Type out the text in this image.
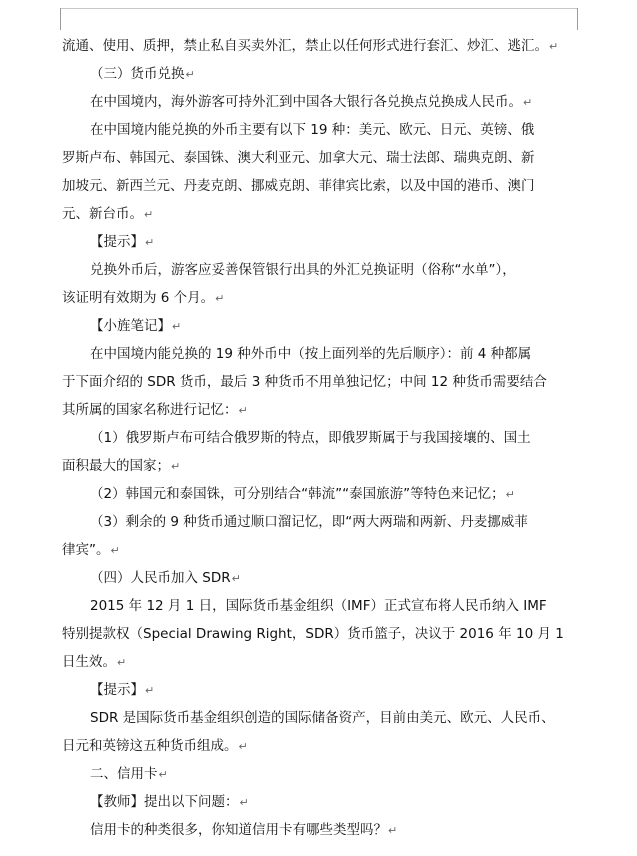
流通、使用、质押，禁止私自买卖外汇，禁止以任何形式进行套汇、炒汇、逃汇。↵
（三）货币兑换↵
在中国境内，海外游客可持外汇到中国各大银行各兑换点兑换成人民币。↵
在中国境内能兑换的外币主要有以下 19 种：美元、欧元、日元、英镑、俄
罗斯卢布、韩国元、泰国铢、澳大利亚元、加拿大元、瑞士法郎、瑞典克朗、新
加坡元、新西兰元、丹麦克朗、挪威克朗、菲律宾比索，以及中国的港币、澳门
元、新台币。↵
【提示】↵
兑换外币后，游客应妥善保管银行出具的外汇兑换证明（俗称“水单”），
该证明有效期为 6 个月。↵
【小旌笔记】↵
在中国境内能兑换的 19 种外币中（按上面列举的先后顺序）：前 4 种都属
于下面介绍的 SDR 货币，最后 3 种货币不用单独记忆；中间 12 种货币需要结合
其所属的国家名称进行记忆：↵
（1）俄罗斯卢布可结合俄罗斯的特点，即俄罗斯属于与我国接壤的、国土
面积最大的国家；↵
（2）韩国元和泰国铢，可分别结合“韩流”“泰国旅游”等特色来记忆；↵
（3）剩余的 9 种货币通过顺口溜记忆，即“两大两瑞和两新、丹麦挪威菲
律宾”。↵
（四）人民币加入 SDR↵
2015 年 12 月 1 日，国际货币基金组织（IMF）正式宣布将人民币纳入 IMF
特别提款权（Special Drawing Right，SDR）货币篮子，决议于 2016 年 10 月 1
日生效。↵
【提示】↵
SDR 是国际货币基金组织创造的国际储备资产，目前由美元、欧元、人民币、
日元和英镑这五种货币组成。↵
二、信用卡↵
【教师】提出以下问题：↵
信用卡的种类很多，你知道信用卡有哪些类型吗？↵
